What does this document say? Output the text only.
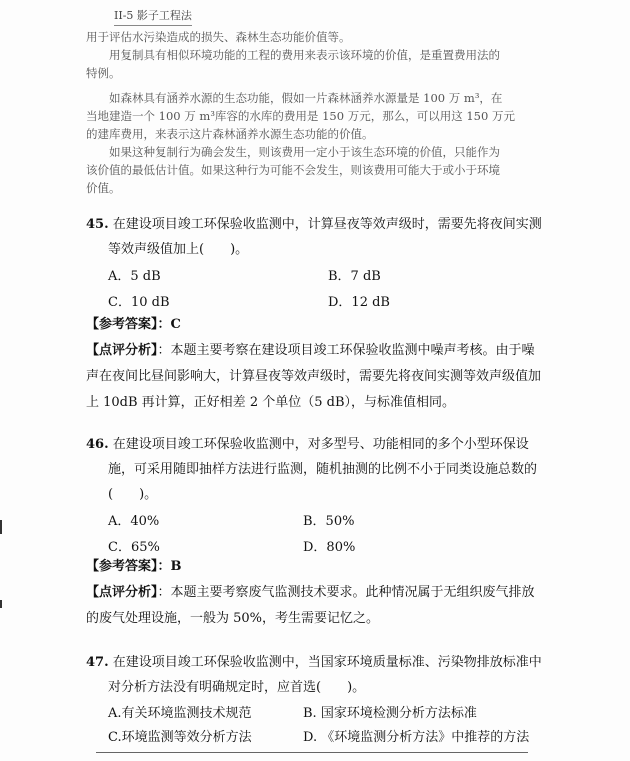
II-5 影子工程法

用于评估水污染造成的损失、森林生态功能价值等。

用复制具有相似环境功能的工程的费用来表示该环境的价值，是重置费用法的

特例。

如森林具有涵养水源的生态功能，假如一片森林涵养水源量是 100 万 m³，在

当地建造一个 100 万 m³库容的水库的费用是 150 万元，那么，可以用这 150 万元

的建库费用，来表示这片森林涵养水源生态功能的价值。

如果这种复制行为确会发生，则该费用一定小于该生态环境的价值，只能作为

该价值的最低估计值。如果这种行为可能不会发生，则该费用可能大于或小于环境

价值。

45. 在建设项目竣工环保验收监测中，计算昼夜等效声级时，需要先将夜间实测
等效声级值加上(　　)。
A．5 dB	B．7 dB
C．10 dB	D．12 dB
【参考答案】：C
【点评分析】：本题主要考察在建设项目竣工环保验收监测中噪声考核。由于噪
声在夜间比昼间影响大，计算昼夜等效声级时，需要先将夜间实测等效声级值加
上 10dB 再计算，正好相差 2 个单位（5 dB），与标准值相同。
46. 在建设项目竣工环保验收监测中，对多型号、功能相同的多个小型环保设
施，可采用随即抽样方法进行监测，随机抽测的比例不小于同类设施总数的
(　　)。
A．40%	B．50%
C．65%	D．80%
【参考答案】：B
【点评分析】：本题主要考察废气监测技术要求。此种情况属于无组织废气排放
的废气处理设施，一般为 50%，考生需要记忆之。
47. 在建设项目竣工环保验收监测中，当国家环境质量标准、污染物排放标准中
对分析方法没有明确规定时，应首选(　　)。
A.有关环境监测技术规范	B. 国家环境检测分析方法标准
C.环境监测等效分析方法	D. 《环境监测分析方法》中推荐的方法
